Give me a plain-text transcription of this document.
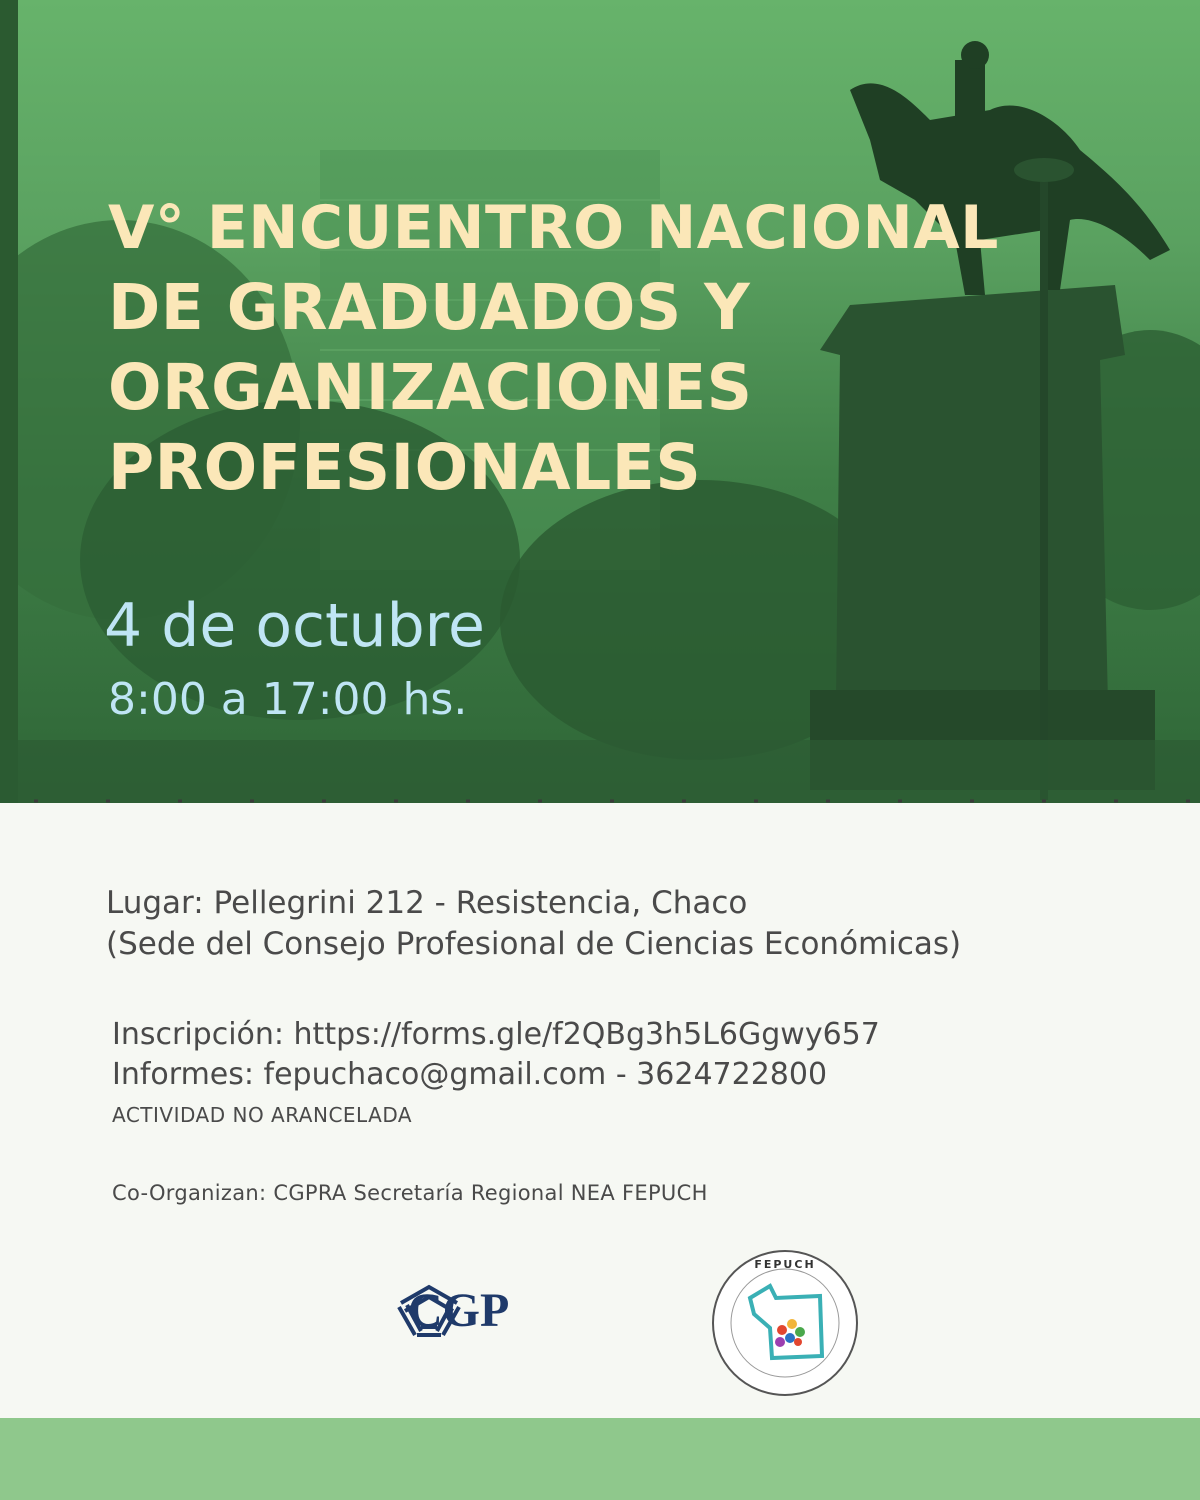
V° ENCUENTRO NACIONAL
DE GRADUADOS Y
ORGANIZACIONES
PROFESIONALES

4 de octubre

8:00 a 17:00 hs.

Lugar: Pellegrini 212 - Resistencia, Chaco
(Sede del Consejo Profesional de Ciencias Económicas)
Inscripción: https://forms.gle/f2QBg3h5L6Ggwy657
Informes: fepuchaco@gmail.com - 3624722800

ACTIVIDAD NO ARANCELADA

Co-Organizan: CGPRA Secretaría Regional NEA FEPUCH

CGP
FEPUCH
